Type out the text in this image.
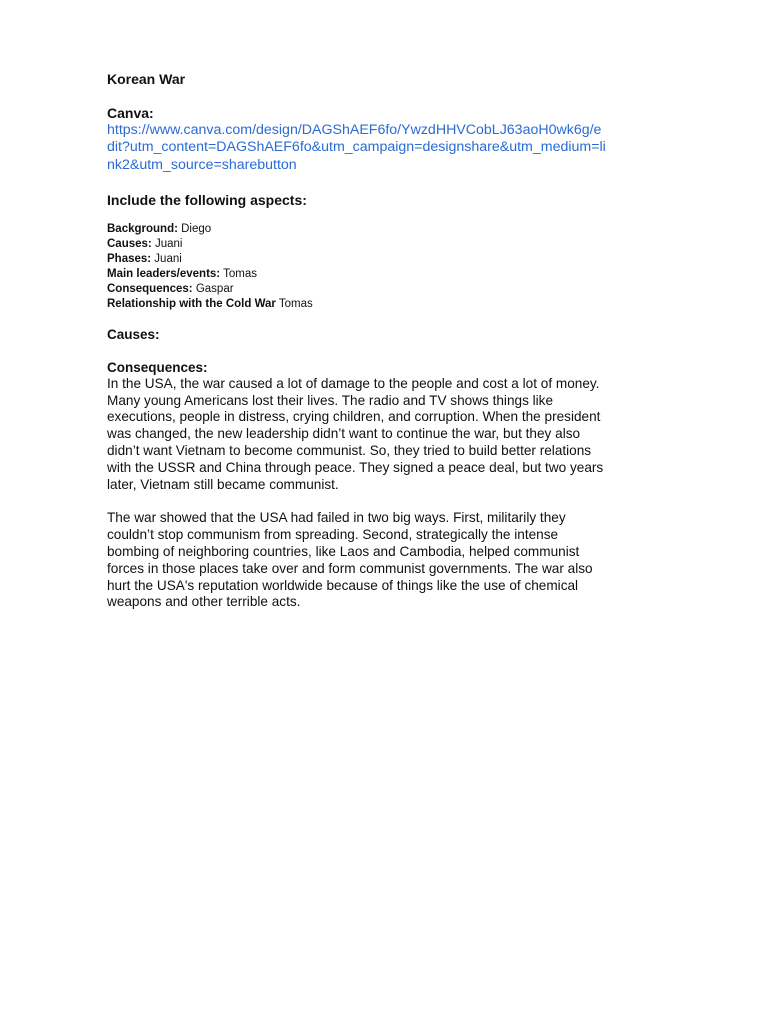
Korean War
Canva:
https://www.canva.com/design/DAGShAEF6fo/YwzdHHVCobLJ63aoH0wk6g/e
dit?utm_content=DAGShAEF6fo&utm_campaign=designshare&utm_medium=li
nk2&utm_source=sharebutton
Include the following aspects:
Background: Diego
Causes: Juani
Phases: Juani
Main leaders/events: Tomas
Consequences: Gaspar
Relationship with the Cold War Tomas
Causes:
Consequences:

In the USA, the war caused a lot of damage to the people and cost a lot of money.
Many young Americans lost their lives. The radio and TV shows things like
executions, people in distress, crying children, and corruption. When the president
was changed, the new leadership didn’t want to continue the war, but they also
didn’t want Vietnam to become communist. So, they tried to build better relations
with the USSR and China through peace. They signed a peace deal, but two years
later, Vietnam still became communist.

The war showed that the USA had failed in two big ways. First, militarily they
couldn’t stop communism from spreading. Second, strategically the intense
bombing of neighboring countries, like Laos and Cambodia, helped communist
forces in those places take over and form communist governments. The war also
hurt the USA's reputation worldwide because of things like the use of chemical
weapons and other terrible acts.
